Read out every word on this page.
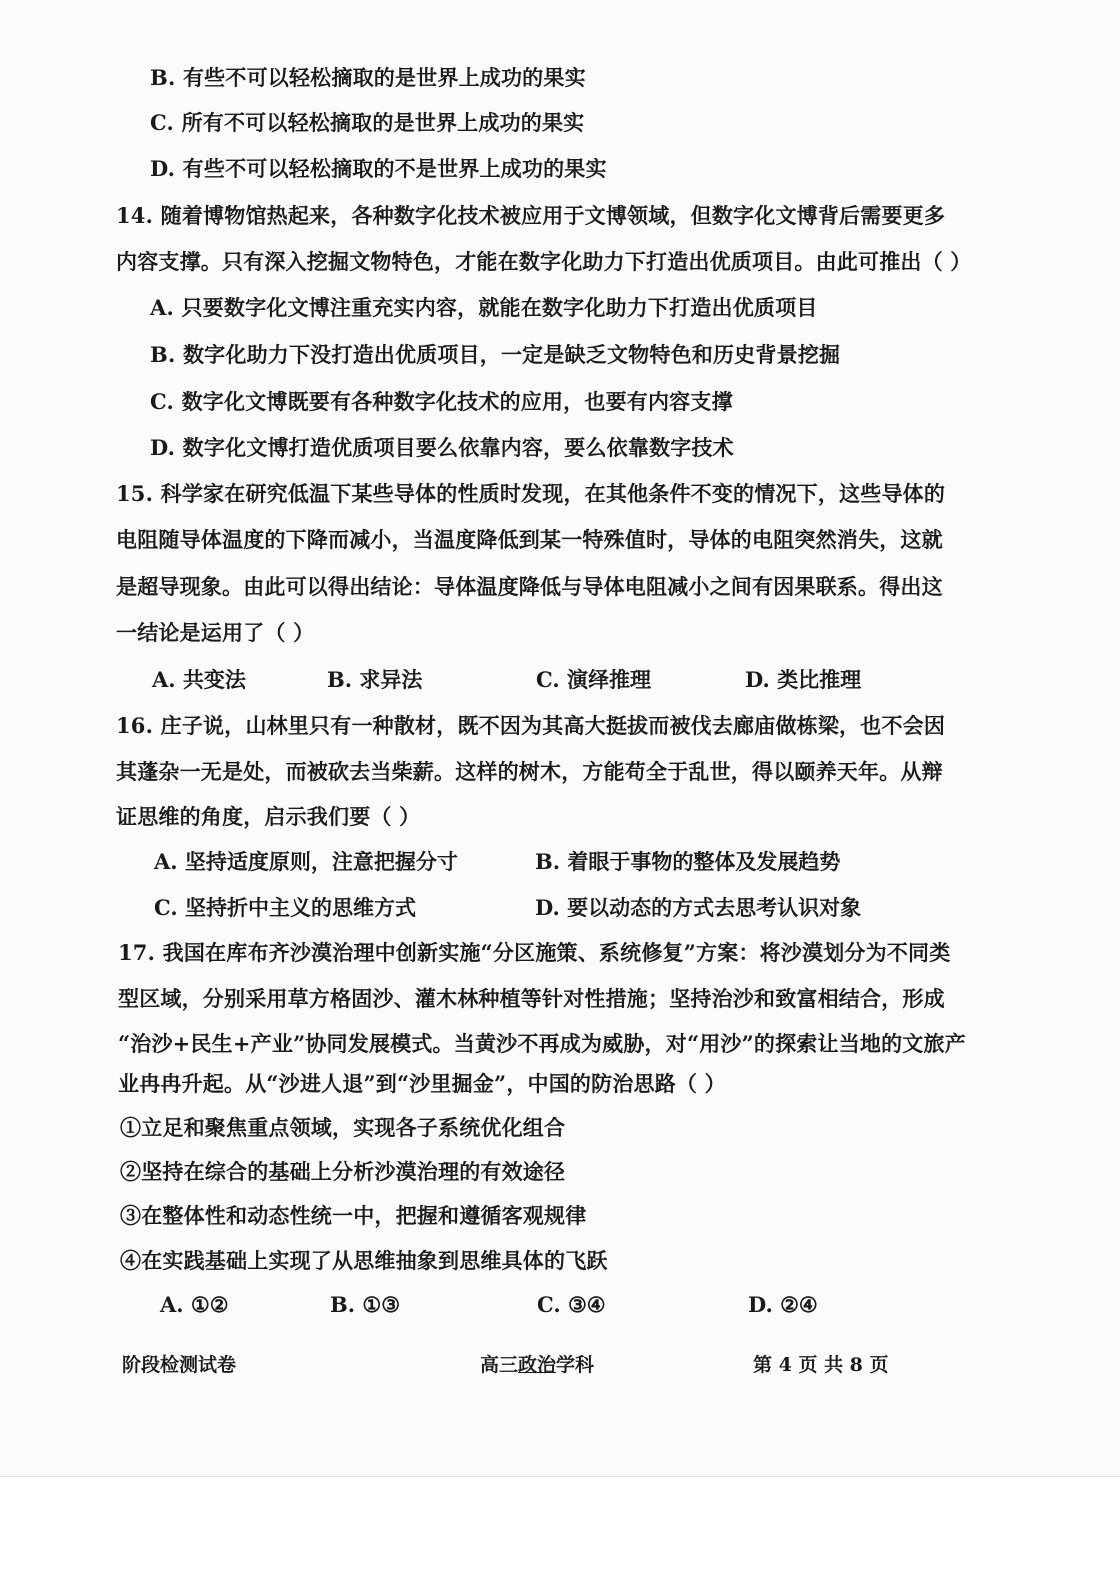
B. 有些不可以轻松摘取的是世界上成功的果实
C. 所有不可以轻松摘取的是世界上成功的果实
D. 有些不可以轻松摘取的不是世界上成功的果实
14. 随着博物馆热起来，各种数字化技术被应用于文博领域，但数字化文博背后需要更多
内容支撑。只有深入挖掘文物特色，才能在数字化助力下打造出优质项目。由此可推出（ ）
A. 只要数字化文博注重充实内容，就能在数字化助力下打造出优质项目
B. 数字化助力下没打造出优质项目，一定是缺乏文物特色和历史背景挖掘
C. 数字化文博既要有各种数字化技术的应用，也要有内容支撑
D. 数字化文博打造优质项目要么依靠内容，要么依靠数字技术
15. 科学家在研究低温下某些导体的性质时发现，在其他条件不变的情况下，这些导体的
电阻随导体温度的下降而减小，当温度降低到某一特殊值时，导体的电阻突然消失，这就
是超导现象。由此可以得出结论：导体温度降低与导体电阻减小之间有因果联系。得出这
一结论是运用了（ ）
A. 共变法	B. 求异法	C. 演绎推理	D. 类比推理
16. 庄子说，山林里只有一种散材，既不因为其高大挺拔而被伐去廊庙做栋梁，也不会因
其蓬杂一无是处，而被砍去当柴薪。这样的树木，方能苟全于乱世，得以颐养天年。从辩
证思维的角度，启示我们要（ ）
A. 坚持适度原则，注意把握分寸	B. 着眼于事物的整体及发展趋势
C. 坚持折中主义的思维方式	D. 要以动态的方式去思考认识对象
17. 我国在库布齐沙漠治理中创新实施“分区施策、系统修复”方案：将沙漠划分为不同类
型区域，分别采用草方格固沙、灌木林种植等针对性措施；坚持治沙和致富相结合，形成
“治沙+民生+产业”协同发展模式。当黄沙不再成为威胁，对“用沙”的探索让当地的文旅产
业冉冉升起。从“沙进人退”到“沙里掘金”，中国的防治思路（ ）
①立足和聚焦重点领域，实现各子系统优化组合
②坚持在综合的基础上分析沙漠治理的有效途径
③在整体性和动态性统一中，把握和遵循客观规律
④在实践基础上实现了从思维抽象到思维具体的飞跃
A. ①②	B. ①③	C. ③④	D. ②④
阶段检测试卷	高三政治学科	第 4 页 共 8 页
